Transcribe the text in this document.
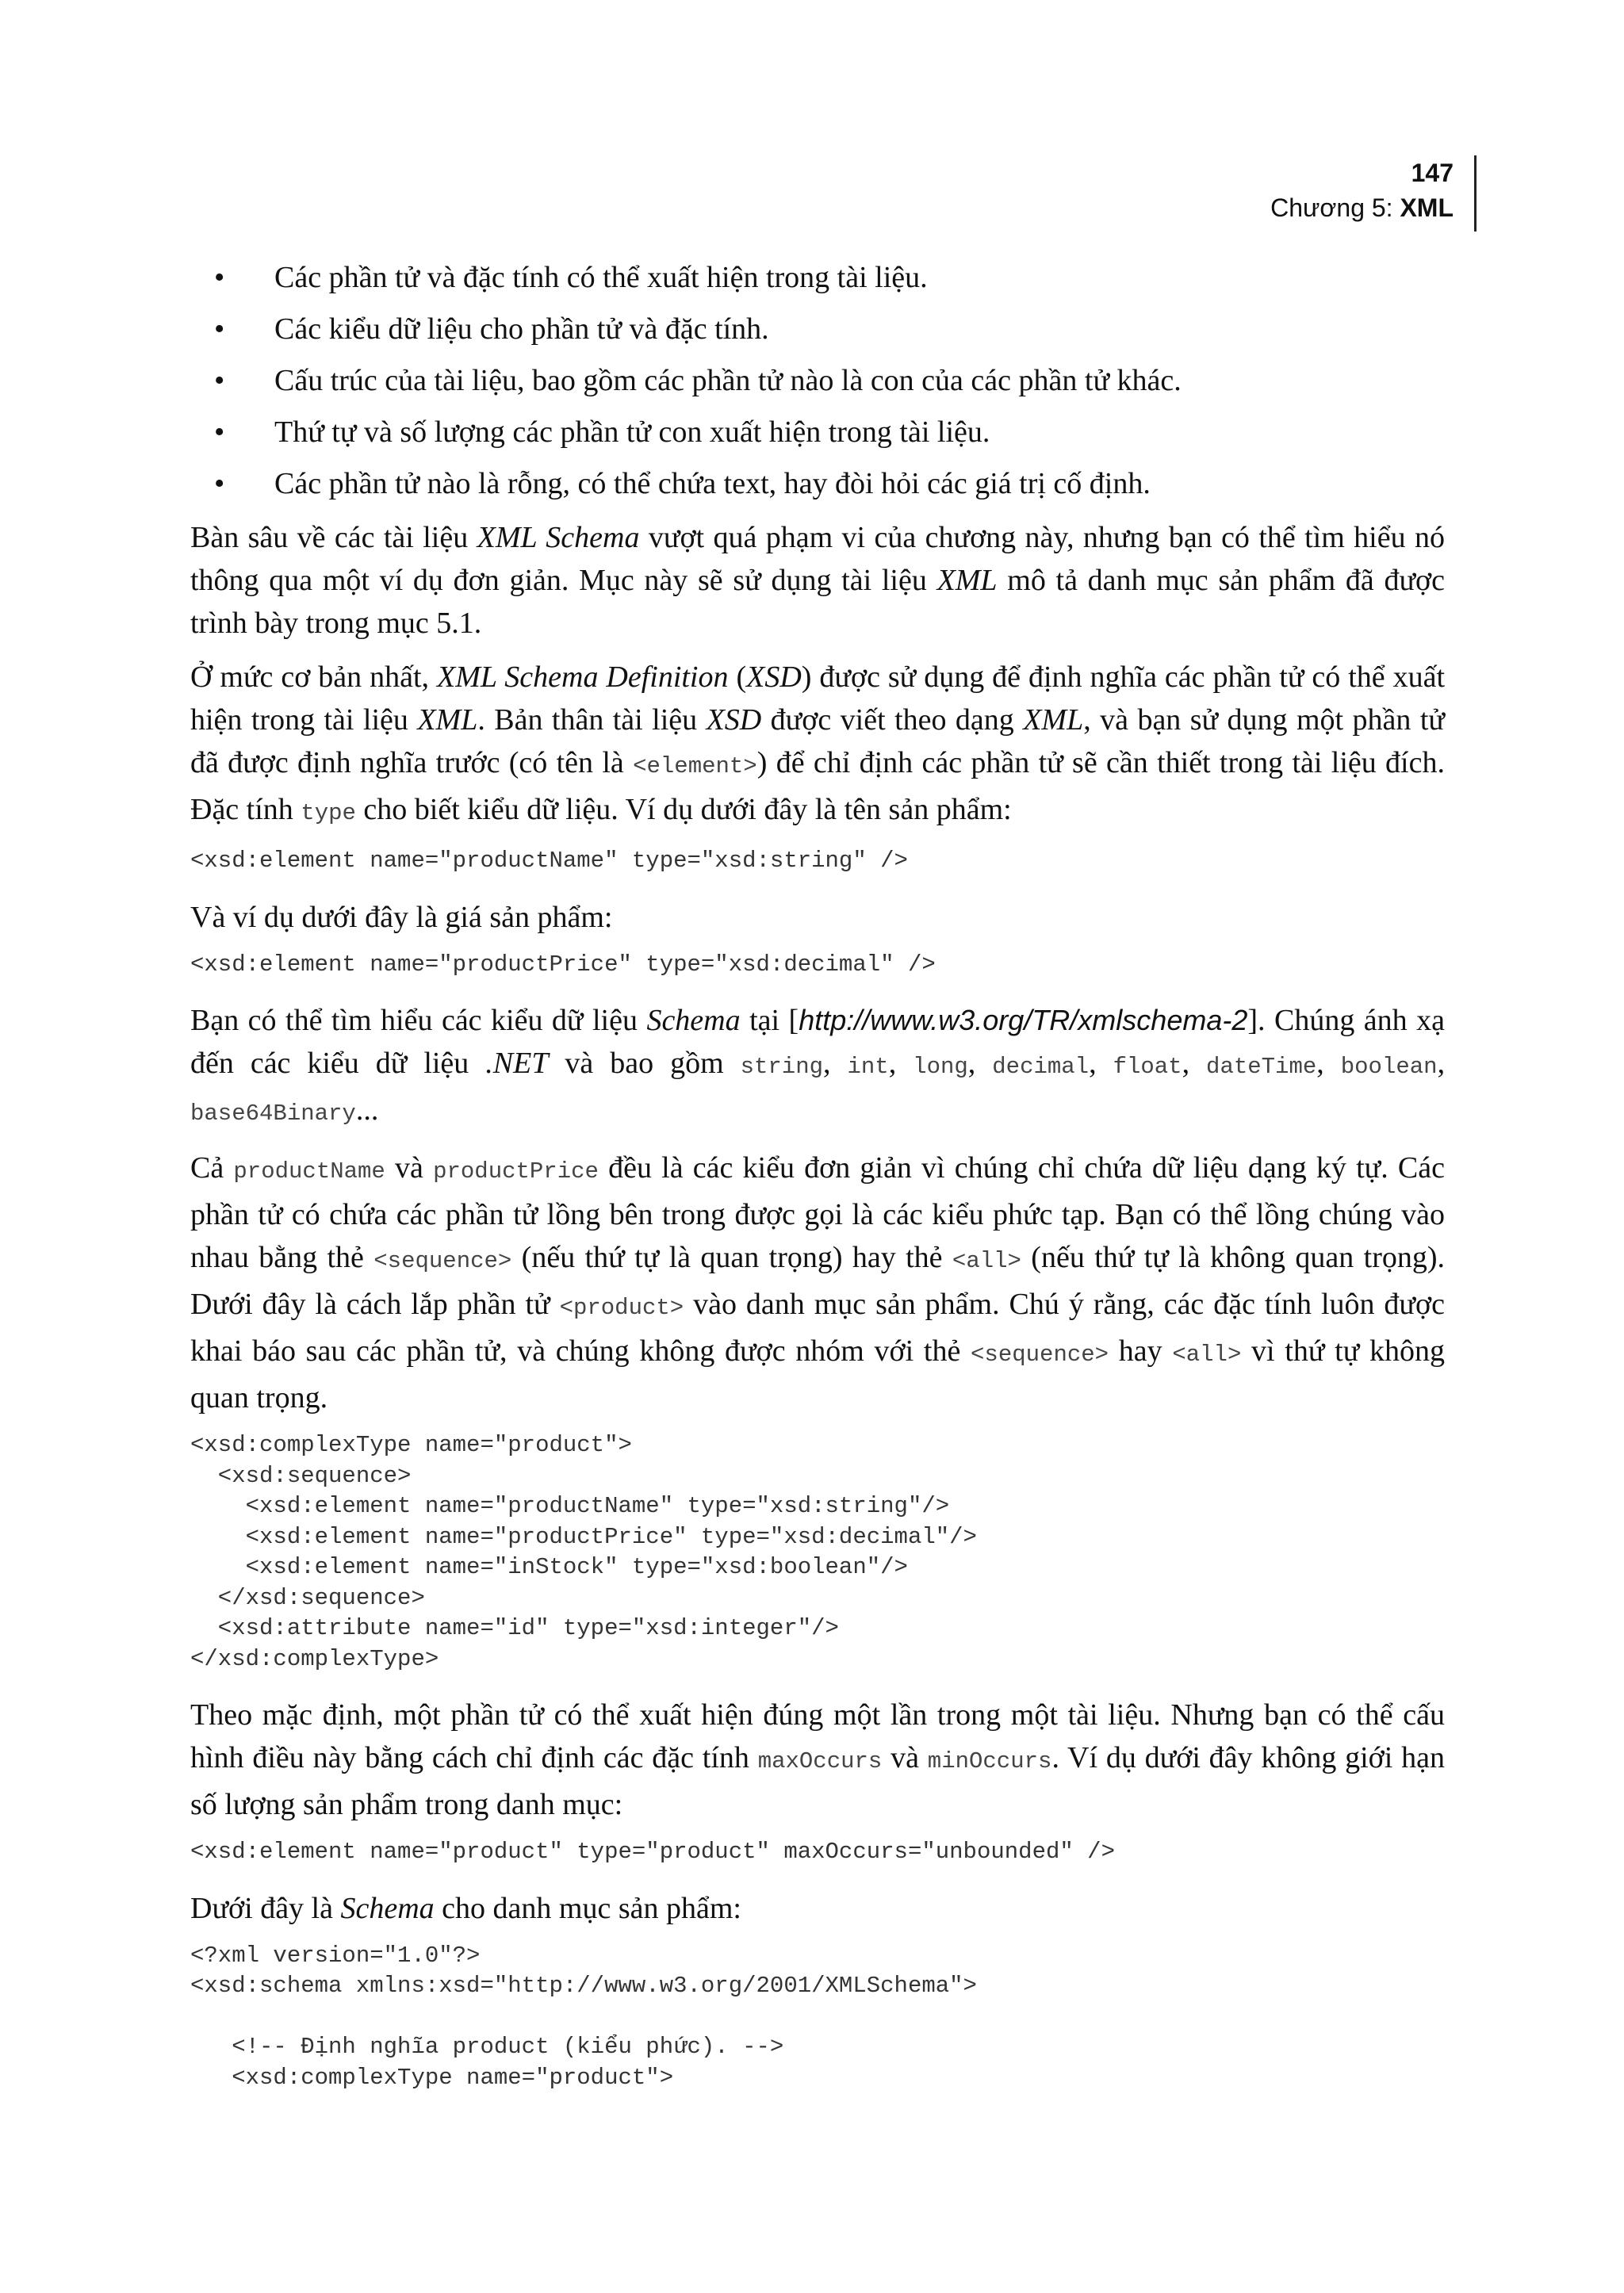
147
Chương 5: XML
• Các phần tử và đặc tính có thể xuất hiện trong tài liệu.
• Các kiểu dữ liệu cho phần tử và đặc tính.
• Cấu trúc của tài liệu, bao gồm các phần tử nào là con của các phần tử khác.
• Thứ tự và số lượng các phần tử con xuất hiện trong tài liệu.
• Các phần tử nào là rỗng, có thể chứa text, hay đòi hỏi các giá trị cố định.

Bàn sâu về các tài liệu XML Schema vượt quá phạm vi của chương này, nhưng bạn có thể tìm hiểu nó thông qua một ví dụ đơn giản. Mục này sẽ sử dụng tài liệu XML mô tả danh mục sản phẩm đã được trình bày trong mục 5.1.

Ở mức cơ bản nhất, XML Schema Definition (XSD) được sử dụng để định nghĩa các phần tử có thể xuất hiện trong tài liệu XML. Bản thân tài liệu XSD được viết theo dạng XML, và bạn sử dụng một phần tử đã được định nghĩa trước (có tên là <element>) để chỉ định các phần tử sẽ cần thiết trong tài liệu đích. Đặc tính type cho biết kiểu dữ liệu. Ví dụ dưới đây là tên sản phẩm:

<xsd:element name="productName" type="xsd:string" />

Và ví dụ dưới đây là giá sản phẩm:

<xsd:element name="productPrice" type="xsd:decimal" />

Bạn có thể tìm hiểu các kiểu dữ liệu Schema tại [http://www.w3.org/TR/xmlschema-2]. Chúng ánh xạ đến các kiểu dữ liệu .NET và bao gồm string, int, long, decimal, float, dateTime, boolean, base64Binary...

Cả productName và productPrice đều là các kiểu đơn giản vì chúng chỉ chứa dữ liệu dạng ký tự. Các phần tử có chứa các phần tử lồng bên trong được gọi là các kiểu phức tạp. Bạn có thể lồng chúng vào nhau bằng thẻ <sequence> (nếu thứ tự là quan trọng) hay thẻ <all> (nếu thứ tự là không quan trọng). Dưới đây là cách lắp phần tử <product> vào danh mục sản phẩm. Chú ý rằng, các đặc tính luôn được khai báo sau các phần tử, và chúng không được nhóm với thẻ <sequence> hay <all> vì thứ tự không quan trọng.

<xsd:complexType name="product">
<xsd:sequence>
<xsd:element name="productName" type="xsd:string"/>
<xsd:element name="productPrice" type="xsd:decimal"/>
<xsd:element name="inStock" type="xsd:boolean"/>
</xsd:sequence>
<xsd:attribute name="id" type="xsd:integer"/>
</xsd:complexType>

Theo mặc định, một phần tử có thể xuất hiện đúng một lần trong một tài liệu. Nhưng bạn có thể cấu hình điều này bằng cách chỉ định các đặc tính maxOccurs và minOccurs. Ví dụ dưới đây không giới hạn số lượng sản phẩm trong danh mục:

<xsd:element name="product" type="product" maxOccurs="unbounded" />

Dưới đây là Schema cho danh mục sản phẩm:

<?xml version="1.0"?>
<xsd:schema xmlns:xsd="http://www.w3.org/2001/XMLSchema">

<!-- Định nghĩa product (kiểu phức). -->
<xsd:complexType name="product">
